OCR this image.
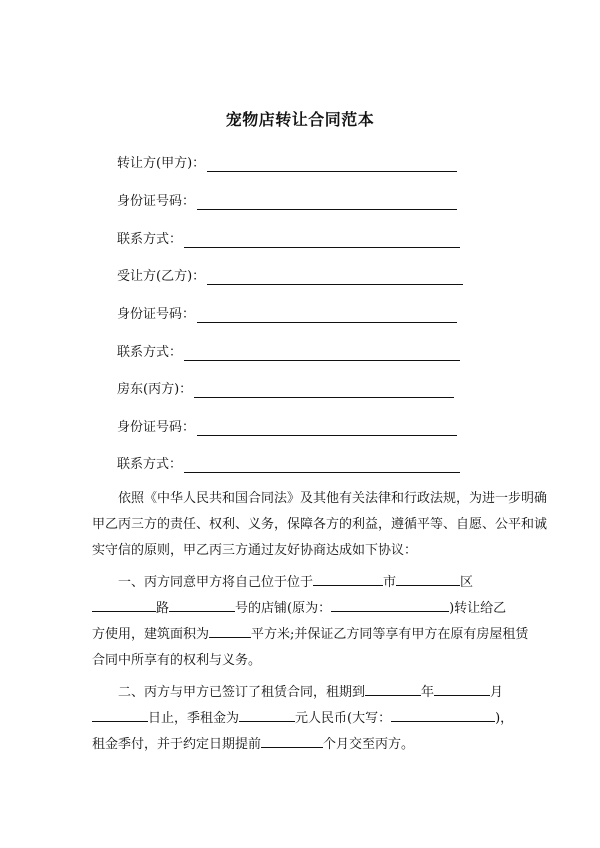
宠物店转让合同范本
转让方(甲方)：
身份证号码：
联系方式：
受让方(乙方)：
身份证号码：
联系方式：
房东(丙方)：
身份证号码：
联系方式：
依照《中华人民共和国合同法》及其他有关法律和行政法规，为进一步明确
甲乙丙三方的责任、权利、义务，保障各方的利益，遵循平等、自愿、公平和诚
实守信的原则，甲乙丙三方通过友好协商达成如下协议：
一、丙方同意甲方将自己位于位于	市	区
路	号的店铺(原为：	)转让给乙
方使用，建筑面积为	平方米;并保证乙方同等享有甲方在原有房屋租赁
合同中所享有的权利与义务。
二、丙方与甲方已签订了租赁合同，租期到	年	月
日止，季租金为	元人民币(大写：	)，
租金季付，并于约定日期提前	个月交至丙方。
